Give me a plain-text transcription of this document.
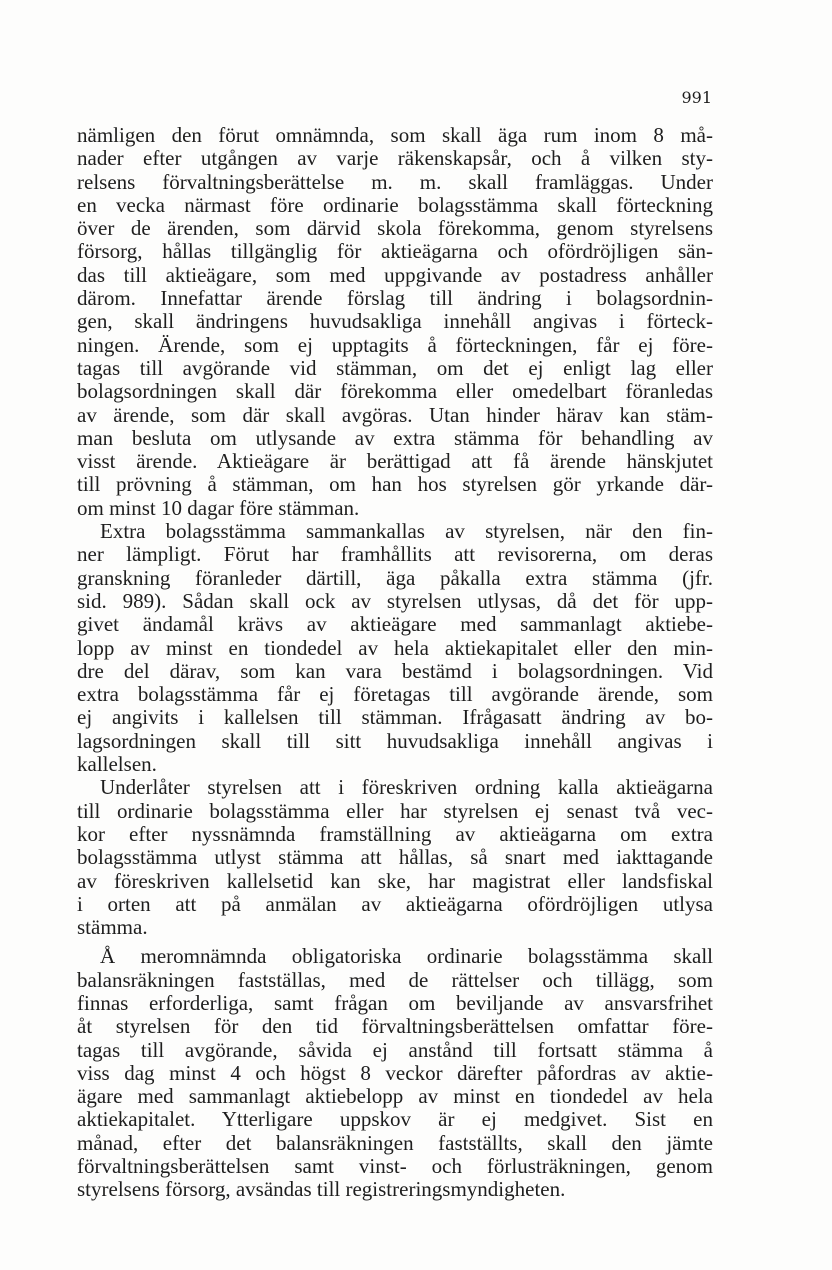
991
nämligen den förut omnämnda, som skall äga rum inom 8 må-
nader efter utgången av varje räkenskapsår, och å vilken sty-
relsens förvaltningsberättelse m. m. skall framläggas. Under
en vecka närmast före ordinarie bolagsstämma skall förteckning
över de ärenden, som därvid skola förekomma, genom styrelsens
försorg, hållas tillgänglig för aktieägarna och ofördröjligen sän-
das till aktieägare, som med uppgivande av postadress anhåller
därom. Innefattar ärende förslag till ändring i bolagsordnin-
gen, skall ändringens huvudsakliga innehåll angivas i förteck-
ningen. Ärende, som ej upptagits å förteckningen, får ej före-
tagas till avgörande vid stämman, om det ej enligt lag eller
bolagsordningen skall där förekomma eller omedelbart föranledas
av ärende, som där skall avgöras. Utan hinder härav kan stäm-
man besluta om utlysande av extra stämma för behandling av
visst ärende. Aktieägare är berättigad att få ärende hänskjutet
till prövning å stämman, om han hos styrelsen gör yrkande där-
om minst 10 dagar före stämman.
Extra bolagsstämma sammankallas av styrelsen, när den fin-
ner lämpligt. Förut har framhållits att revisorerna, om deras
granskning föranleder därtill, äga påkalla extra stämma (jfr.
sid. 989). Sådan skall ock av styrelsen utlysas, då det för upp-
givet ändamål krävs av aktieägare med sammanlagt aktiebe-
lopp av minst en tiondedel av hela aktiekapitalet eller den min-
dre del därav, som kan vara bestämd i bolagsordningen. Vid
extra bolagsstämma får ej företagas till avgörande ärende, som
ej angivits i kallelsen till stämman. Ifrågasatt ändring av bo-
lagsordningen skall till sitt huvudsakliga innehåll angivas i
kallelsen.
Underlåter styrelsen att i föreskriven ordning kalla aktieägarna
till ordinarie bolagsstämma eller har styrelsen ej senast två vec-
kor efter nyssnämnda framställning av aktieägarna om extra
bolagsstämma utlyst stämma att hållas, så snart med iakttagande
av föreskriven kallelsetid kan ske, har magistrat eller landsfiskal
i orten att på anmälan av aktieägarna ofördröjligen utlysa
stämma.
Å meromnämnda obligatoriska ordinarie bolagsstämma skall
balansräkningen fastställas, med de rättelser och tillägg, som
finnas erforderliga, samt frågan om beviljande av ansvarsfrihet
åt styrelsen för den tid förvaltningsberättelsen omfattar före-
tagas till avgörande, såvida ej anstånd till fortsatt stämma å
viss dag minst 4 och högst 8 veckor därefter påfordras av aktie-
ägare med sammanlagt aktiebelopp av minst en tiondedel av hela
aktiekapitalet. Ytterligare uppskov är ej medgivet. Sist en
månad, efter det balansräkningen fastställts, skall den jämte
förvaltningsberättelsen samt vinst- och förlusträkningen, genom
styrelsens försorg, avsändas till registreringsmyndigheten.
